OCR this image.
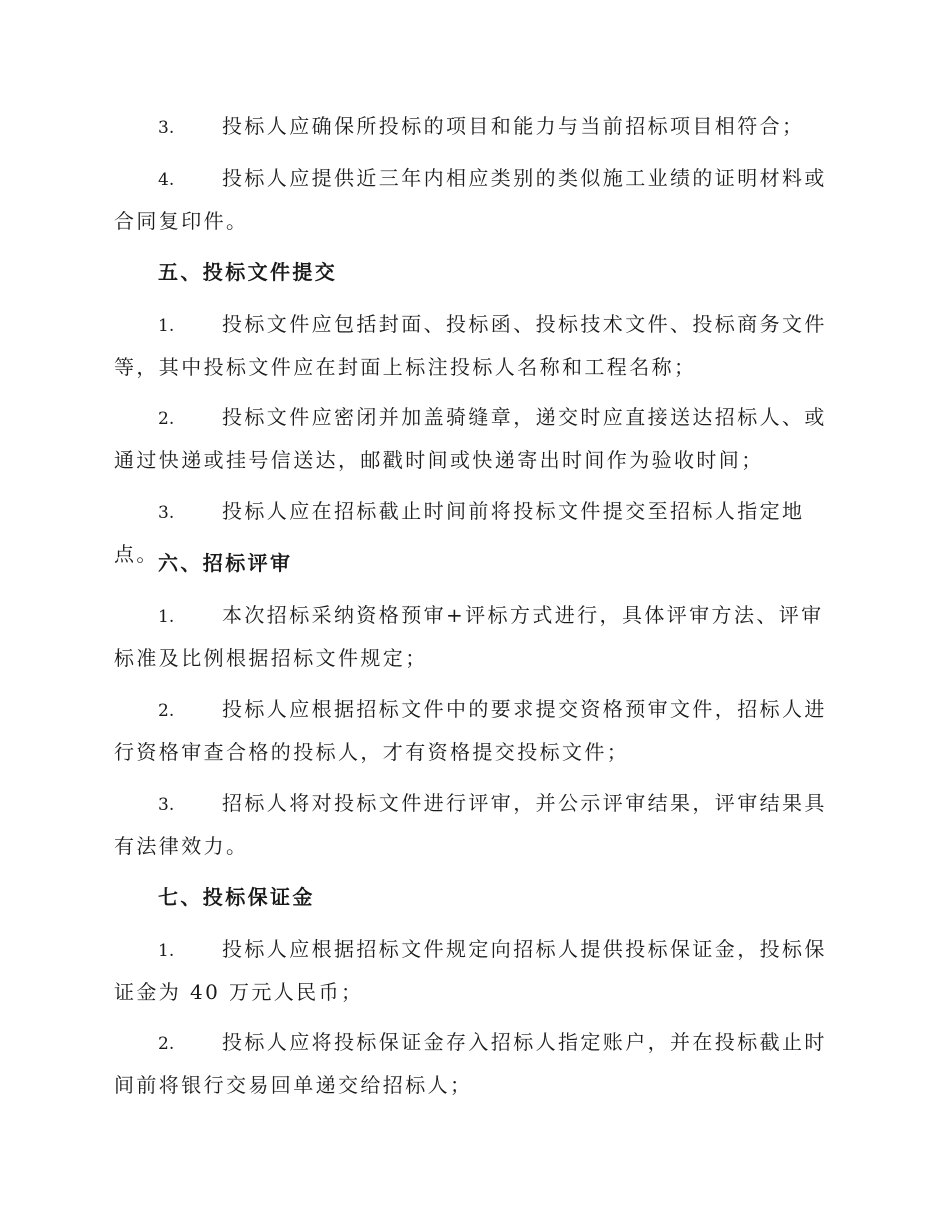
3. 投标人应确保所投标的项目和能力与当前招标项目相符合；

4. 投标人应提供近三年内相应类别的类似施工业绩的证明材料或合同复印件。

五、投标文件提交

1. 投标文件应包括封面、投标函、投标技术文件、投标商务文件等，其中投标文件应在封面上标注投标人名称和工程名称；

2. 投标文件应密闭并加盖骑缝章，递交时应直接送达招标人、或通过快递或挂号信送达，邮戳时间或快递寄出时间作为验收时间；

3. 投标人应在招标截止时间前将投标文件提交至招标人指定地点。 六、招标评审

1. 本次招标采纳资格预审+评标方式进行，具体评审方法、评审标准及比例根据招标文件规定；

2. 投标人应根据招标文件中的要求提交资格预审文件，招标人进行资格审查合格的投标人，才有资格提交投标文件；

3. 招标人将对投标文件进行评审，并公示评审结果，评审结果具有法律效力。

七、投标保证金

1. 投标人应根据招标文件规定向招标人提供投标保证金，投标保证金为 40 万元人民币；

2. 投标人应将投标保证金存入招标人指定账户，并在投标截止时间前将银行交易回单递交给招标人；
